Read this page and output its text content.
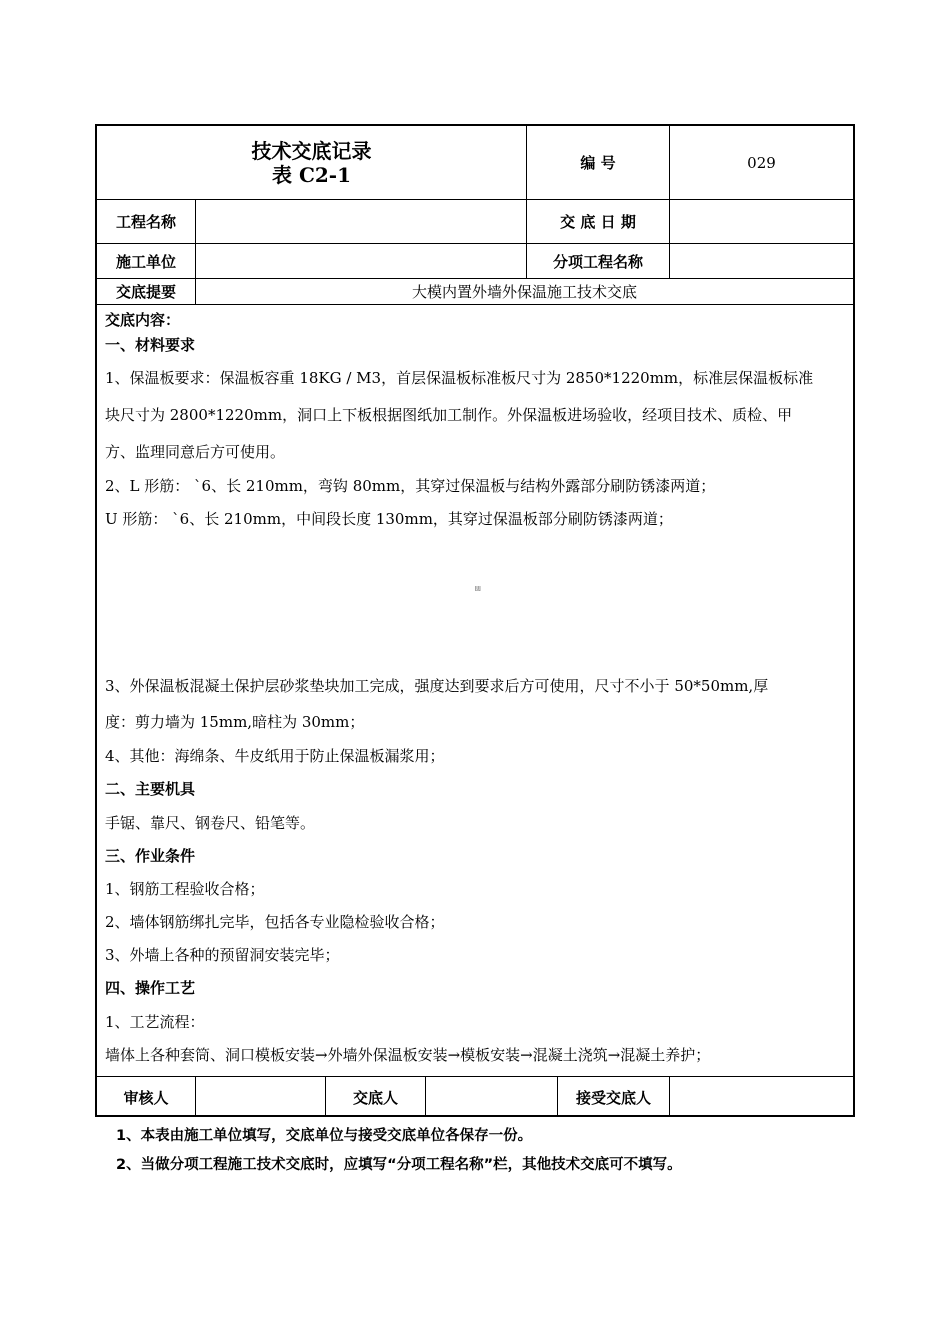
技术交底记录
表 C2-1	编 号	029
工程名称	交 底 日 期
施工单位	分项工程名称
交底提要	大模内置外墙外保温施工技术交底

交底内容：

一、材料要求

1、保温板要求：保温板容重 18KG / M3，首层保温板标准板尺寸为 2850*1220mm，标准层保温板标准

块尺寸为 2800*1220mm，洞口上下板根据图纸加工制作。外保温板进场验收，经项目技术、质检、甲

方、监理同意后方可使用。

2、L 形筋： `6、长 210mm，弯钩 80mm，其穿过保温板与结构外露部分刷防锈漆两道；

U 形筋： `6、长 210mm，中间段长度 130mm，其穿过保温板部分刷防锈漆两道；

⩏

3、外保温板混凝土保护层砂浆垫块加工完成，强度达到要求后方可使用，尺寸不小于 50*50mm,厚

度：剪力墙为 15mm,暗柱为 30mm；

4、其他：海绵条、牛皮纸用于防止保温板漏浆用；

二、主要机具

手锯、靠尺、钢卷尺、铅笔等。

三、作业条件

1、钢筋工程验收合格；

2、墙体钢筋绑扎完毕，包括各专业隐检验收合格；

3、外墙上各种的预留洞安装完毕；

四、操作工艺

1、工艺流程：

墙体上各种套筒、洞口模板安装→外墙外保温板安装→模板安装→混凝土浇筑→混凝土养护；

审核人	交底人	接受交底人

1、本表由施工单位填写，交底单位与接受交底单位各保存一份。

2、当做分项工程施工技术交底时，应填写“分项工程名称”栏，其他技术交底可不填写。
